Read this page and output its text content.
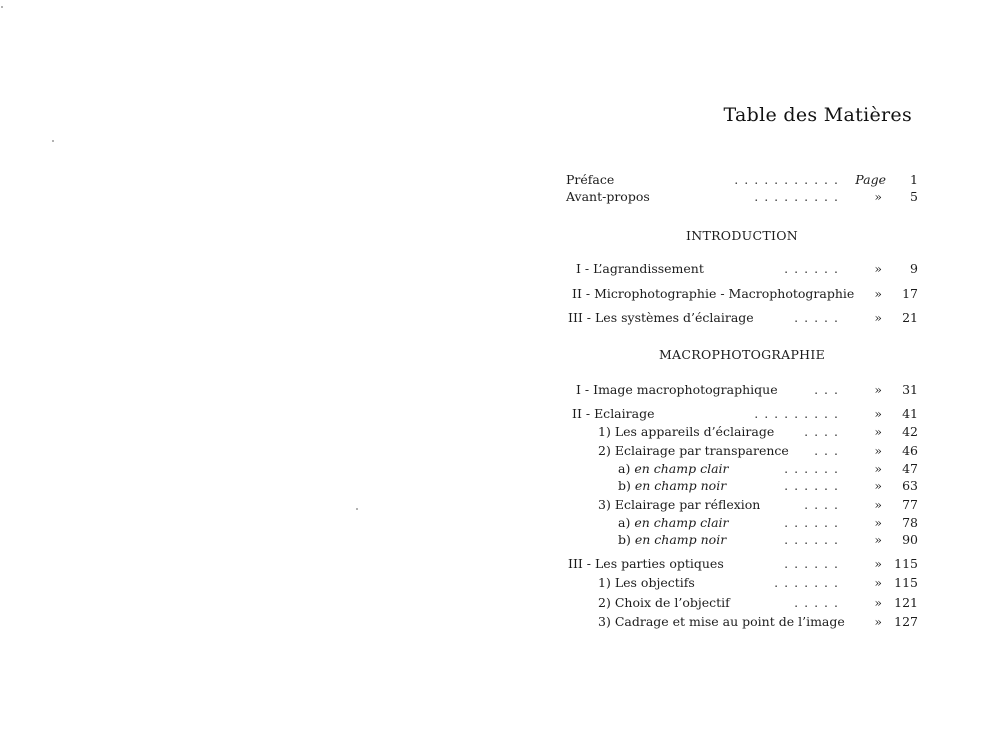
Table des Matières
Préface	........... Page	1
Avant-propos	......... »	5
INTRODUCTION
I - L’agrandissement	...... »	9
II - Microphotographie - Macrophotographie »	17
III - Les systèmes d’éclairage	..... »	21
MACROPHOTOGRAPHIE
I - Image macrophotographique	... »	31
II - Eclairage	......... »	41
1) Les appareils d’éclairage .... »	42
2) Eclairage par transparence ... »	46
a) en champ clair	...... »	47
b) en champ noir	...... »	63
3) Eclairage par réflexion	.... »	77
a) en champ clair	...... »	78
b) en champ noir	...... »	90
III - Les parties optiques	...... » 115
1) Les objectifs	....... » 115
2) Choix de l’objectif	..... » 121
3) Cadrage et mise au point de l’image » 127
